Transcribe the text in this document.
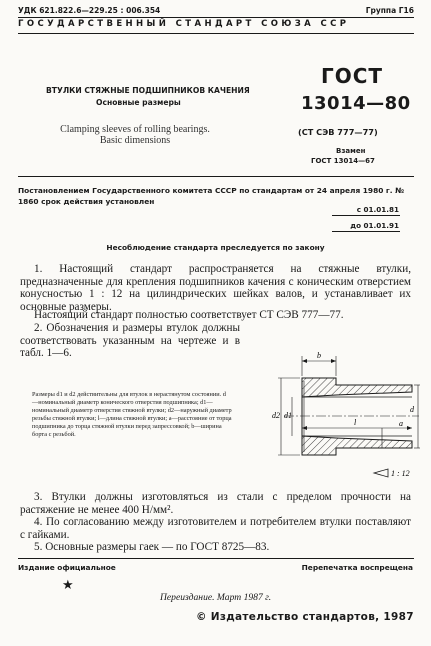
УДК 621.822.6—229.25 : 006.354	Группа Г16
ГОСУДАРСТВЕННЫЙ СТАНДАРТ СОЮЗА ССР
ВТУЛКИ СТЯЖНЫЕ ПОДШИПНИКОВ КАЧЕНИЯ
Основные размеры
Clamping sleeves of rolling bearings.
Basic dimensions
ГОСТ
13014—80
(СТ СЭВ 777—77)
Взамен
ГОСТ 13014—67
Постановлением Государственного комитета СССР по стандартам от 24 апреля 1980 г. № 1860 срок действия установлен
с 01.01.81
до 01.01.91
Несоблюдение стандарта преследуется по закону
1. Настоящий стандарт распространяется на стяжные втулки, предназначенные для крепления подшипников качения с коническим отверстием конусностью 1 : 12 на цилиндрических шейках валов, и устанавливает их основные размеры.
Настоящий стандарт полностью соответствует СТ СЭВ 777—77.
2. Обозначения и размеры втулок должны соответствовать указанным на чертеже и в табл. 1—6.
Размеры d1 и d2 действительны для втулок в нерастянутом состоянии. d—номинальный диаметр конического отверстия подшипника; d1—номинальный диаметр отверстия стяжной втулки; d2—наружный диаметр резьбы стяжной втулки; l—длина стяжной втулки; a—расстояние от торца подшипника до торца стяжной втулки перед запрессовкой; b—ширина борта с резьбой.
b
l	a
d
d2 d1
1 : 12
3. Втулки должны изготовляться из стали с пределом прочности на растяжение не менее 400 Н/мм².
4. По согласованию между изготовителем и потребителем втулки поставляют с гайками.
5. Основные размеры гаек — по ГОСТ 8725—83.
Издание официальное	Перепечатка воспрещена
★
Переиздание. Март 1987 г.
© Издательство стандартов, 1987
